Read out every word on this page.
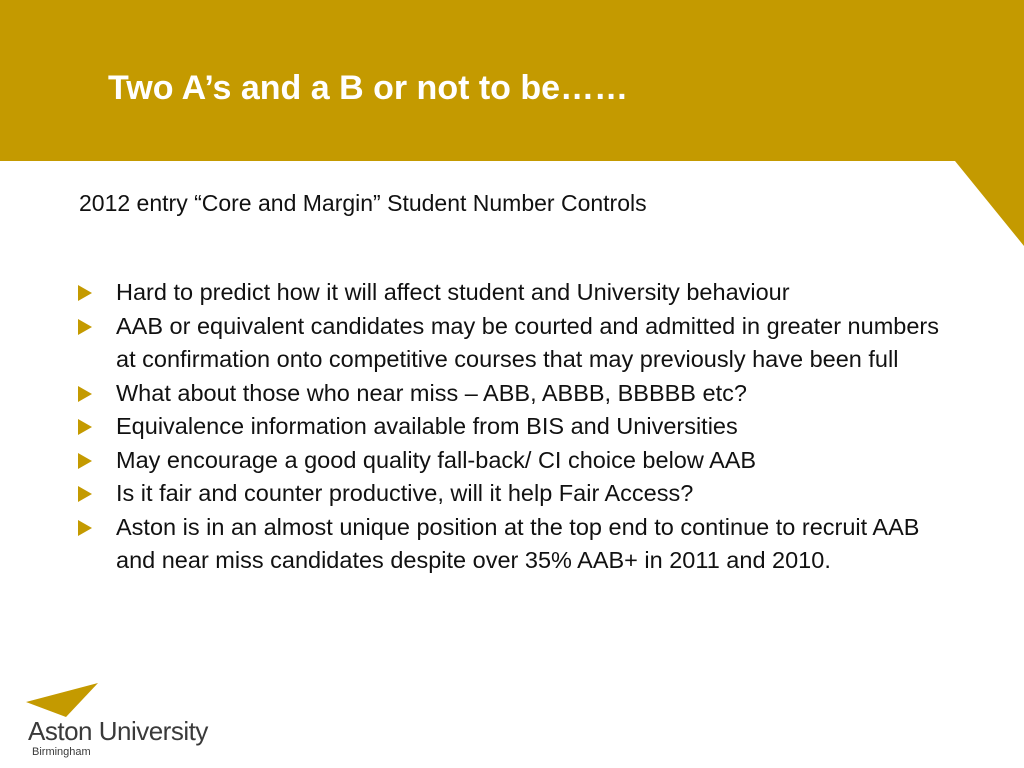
Two A’s and a B or not to be……

2012 entry “Core and Margin” Student Number Controls

Hard to predict how it will affect student and University behaviour
AAB or equivalent candidates may be courted and admitted in greater numbers at confirmation onto competitive courses that may previously have been full
What about those who near miss – ABB, ABBB, BBBBB etc?
Equivalence information available from BIS and Universities
May encourage a good quality fall-back/ CI choice below AAB
Is it fair and counter productive, will it help Fair Access?
Aston is in an almost unique position at the top end to continue to recruit AAB and near miss candidates despite over 35% AAB+ in 2011 and 2010.
Aston University
Birmingham
